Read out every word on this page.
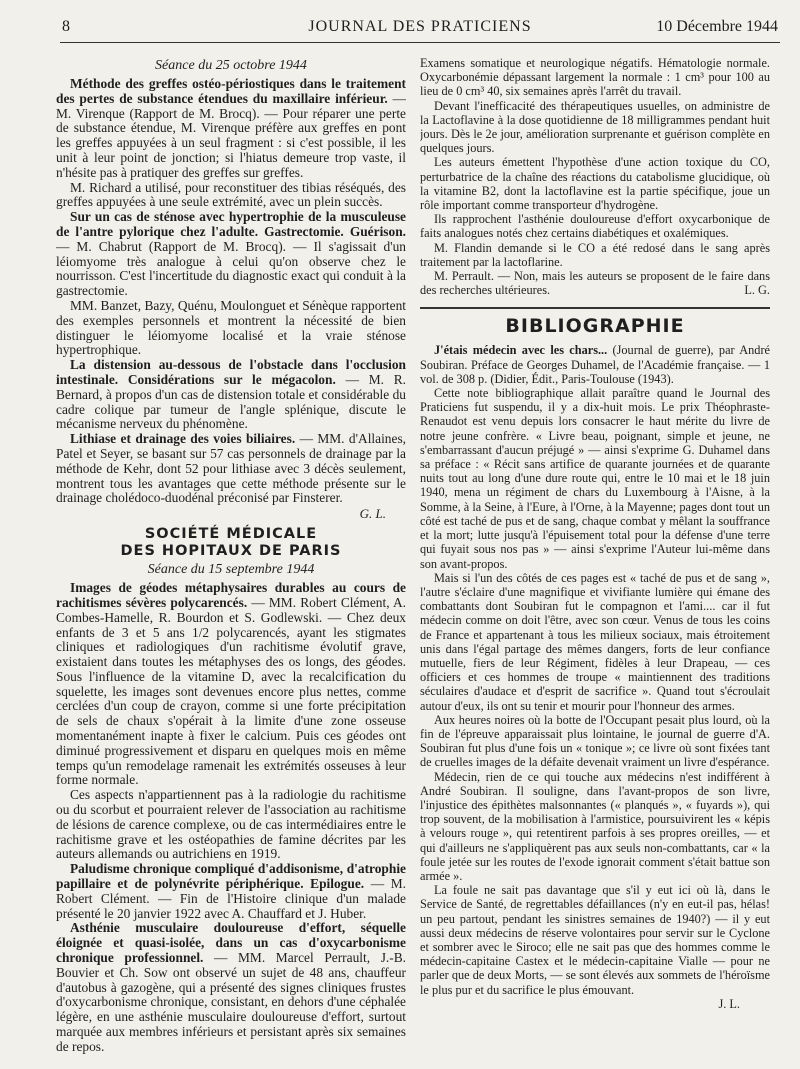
8	JOURNAL DES PRATICIENS	10 Décembre 1944
Séance du 25 octobre 1944

Méthode des greffes ostéo-périostiques dans le traitement des pertes de substance étendues du maxillaire inférieur. — M. Virenque (Rapport de M. Brocq). — Pour réparer une perte de substance étendue, M. Virenque préfère aux greffes en pont les greffes appuyées à un seul fragment : si c'est possible, il les unit à leur point de jonction; si l'hiatus demeure trop vaste, il n'hésite pas à pratiquer des greffes sur greffes.

M. Richard a utilisé, pour reconstituer des tibias réséqués, des greffes appuyées à une seule extrémité, avec un plein succès.

Sur un cas de sténose avec hypertrophie de la musculeuse de l'antre pylorique chez l'adulte. Gastrectomie. Guérison. — M. Chabrut (Rapport de M. Brocq). — Il s'agissait d'un léiomyome très analogue à celui qu'on observe chez le nourrisson. C'est l'incertitude du diagnostic exact qui conduit à la gastrectomie.

MM. Banzet, Bazy, Quénu, Moulonguet et Sénèque rapportent des exemples personnels et montrent la nécessité de bien distinguer le léiomyome localisé et la vraie sténose hypertrophique.

La distension au-dessous de l'obstacle dans l'occlusion intestinale. Considérations sur le mégacolon. — M. R. Bernard, à propos d'un cas de distension totale et considérable du cadre colique par tumeur de l'angle splénique, discute le mécanisme nerveux du phénomène.

Lithiase et drainage des voies biliaires. — MM. d'Allaines, Patel et Seyer, se basant sur 57 cas personnels de drainage par la méthode de Kehr, dont 52 pour lithiase avec 3 décès seulement, montrent tous les avantages que cette méthode présente sur le drainage cholédoco-duodénal préconisé par Finsterer.

G. L.
SOCIÉTÉ MÉDICALE
DES HOPITAUX DE PARIS
Séance du 15 septembre 1944

Images de géodes métaphysaires durables au cours de rachitismes sévères polycarencés. — MM. Robert Clément, A. Combes-Hamelle, R. Bourdon et S. Godlewski. — Chez deux enfants de 3 et 5 ans 1/2 polycarencés, ayant les stigmates cliniques et radiologiques d'un rachitisme évolutif grave, existaient dans toutes les métaphyses des os longs, des géodes. Sous l'influence de la vitamine D, avec la recalcification du squelette, les images sont devenues encore plus nettes, comme cerclées d'un coup de crayon, comme si une forte précipitation de sels de chaux s'opérait à la limite d'une zone osseuse momentanément inapte à fixer le calcium. Puis ces géodes ont diminué progressivement et disparu en quelques mois en même temps qu'un remodelage ramenait les extrémités osseuses à leur forme normale.

Ces aspects n'appartiennent pas à la radiologie du rachitisme ou du scorbut et pourraient relever de l'association au rachitisme de lésions de carence complexe, ou de cas intermédiaires entre le rachitisme grave et les ostéopathies de famine décrites par les auteurs allemands ou autrichiens en 1919.

Paludisme chronique compliqué d'addisonisme, d'atrophie papillaire et de polynévrite périphérique. Epilogue. — M. Robert Clément. — Fin de l'Histoire clinique d'un malade présenté le 20 janvier 1922 avec A. Chauffard et J. Huber.

Asthénie musculaire douloureuse d'effort, séquelle éloignée et quasi-isolée, dans un cas d'oxycarbonisme chronique professionnel. — MM. Marcel Perrault, J.-B. Bouvier et Ch. Sow ont observé un sujet de 48 ans, chauffeur d'autobus à gazogène, qui a présenté des signes cliniques frustes d'oxycarbonisme chronique, consistant, en dehors d'une céphalée légère, en une asthénie musculaire douloureuse d'effort, surtout marquée aux membres inférieurs et persistant après six semaines de repos.

Examens somatique et neurologique négatifs. Hématologie normale. Oxycarbonémie dépassant largement la normale : 1 cm³ pour 100 au lieu de 0 cm³ 40, six semaines après l'arrêt du travail.

Devant l'inefficacité des thérapeutiques usuelles, on administre de la Lactoflavine à la dose quotidienne de 18 milligrammes pendant huit jours. Dès le 2e jour, amélioration surprenante et guérison complète en quelques jours.

Les auteurs émettent l'hypothèse d'une action toxique du CO, perturbatrice de la chaîne des réactions du catabolisme glucidique, où la vitamine B2, dont la lactoflavine est la partie spécifique, joue un rôle important comme transporteur d'hydrogène.

Ils rapprochent l'asthénie douloureuse d'effort oxycarbonique de faits analogues notés chez certains diabétiques et oxalémiques.

M. Flandin demande si le CO a été redosé dans le sang après traitement par la lactoflarine.

M. Perrault. — Non, mais les auteurs se proposent de le faire dans des recherches ultérieures.	L. G.

BIBLIOGRAPHIE

J'étais médecin avec les chars... (Journal de guerre), par André Soubiran. Préface de Georges Duhamel, de l'Académie française. — 1 vol. de 308 p. (Didier, Édit., Paris-Toulouse (1943).

Cette note bibliographique allait paraître quand le Journal des Praticiens fut suspendu, il y a dix-huit mois. Le prix Théophraste-Renaudot est venu depuis lors consacrer le haut mérite du livre de notre jeune confrère. « Livre beau, poignant, simple et jeune, ne s'embarrassant d'aucun préjugé » — ainsi s'exprime G. Duhamel dans sa préface : « Récit sans artifice de quarante journées et de quarante nuits tout au long d'une dure route qui, entre le 10 mai et le 18 juin 1940, mena un régiment de chars du Luxembourg à l'Aisne, à la Somme, à la Seine, à l'Eure, à l'Orne, à la Mayenne; pages dont tout un côté est taché de pus et de sang, chaque combat y mêlant la souffrance et la mort; lutte jusqu'à l'épuisement total pour la défense d'une terre qui fuyait sous nos pas » — ainsi s'exprime l'Auteur lui-même dans son avant-propos.

Mais si l'un des côtés de ces pages est « taché de pus et de sang », l'autre s'éclaire d'une magnifique et vivifiante lumière qui émane des combattants dont Soubiran fut le compagnon et l'ami.... car il fut médecin comme on doit l'être, avec son cœur. Venus de tous les coins de France et appartenant à tous les milieux sociaux, mais étroitement unis dans l'égal partage des mêmes dangers, forts de leur confiance mutuelle, fiers de leur Régiment, fidèles à leur Drapeau, — ces officiers et ces hommes de troupe « maintiennent des traditions séculaires d'audace et d'esprit de sacrifice ». Quand tout s'écroulait autour d'eux, ils ont su tenir et mourir pour l'honneur des armes.

Aux heures noires où la botte de l'Occupant pesait plus lourd, où la fin de l'épreuve apparaissait plus lointaine, le journal de guerre d'A. Soubiran fut plus d'une fois un « tonique »; ce livre où sont fixées tant de cruelles images de la défaite devenait vraiment un livre d'espérance.

Médecin, rien de ce qui touche aux médecins n'est indifférent à André Soubiran. Il souligne, dans l'avant-propos de son livre, l'injustice des épithètes malsonnantes (« planqués », « fuyards »), qui trop souvent, de la mobilisation à l'armistice, poursuivirent les « képis à velours rouge », qui retentirent parfois à ses propres oreilles, — et qui d'ailleurs ne s'appliquèrent pas aux seuls non-combattants, car « la foule jetée sur les routes de l'exode ignorait comment s'était battue son armée ».

La foule ne sait pas davantage que s'il y eut ici où là, dans le Service de Santé, de regrettables défaillances (n'y en eut-il pas, hélas! un peu partout, pendant les sinistres semaines de 1940?) — il y eut aussi deux médecins de réserve volontaires pour servir sur le Cyclone et sombrer avec le Siroco; elle ne sait pas que des hommes comme le médecin-capitaine Castex et le médecin-capitaine Vialle — pour ne parler que de deux Morts, — se sont élevés aux sommets de l'héroïsme le plus pur et du sacrifice le plus émouvant.

J. L.
